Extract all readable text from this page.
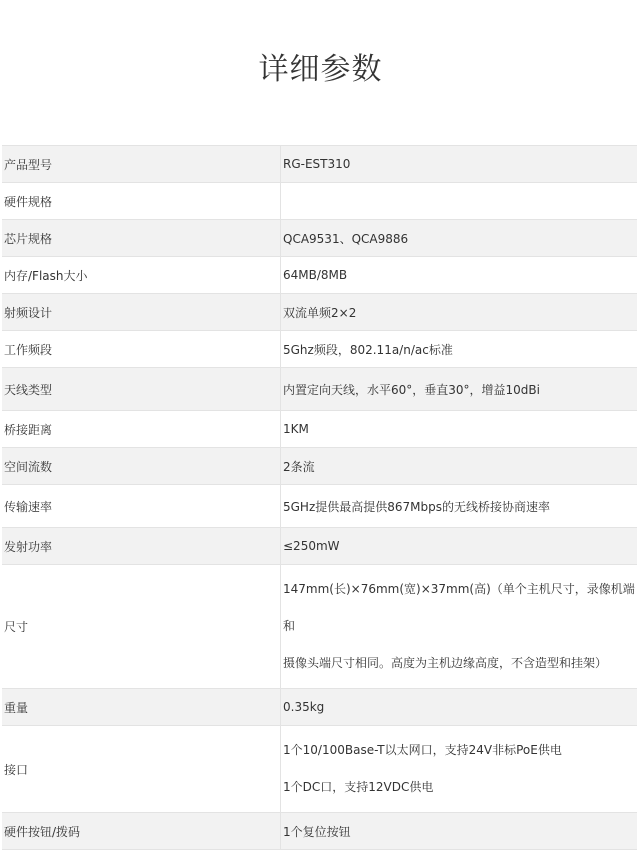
详细参数
产品型号	RG-EST310
硬件规格	
芯片规格	QCA9531、QCA9886
内存/Flash大小	64MB/8MB
射频设计	双流单频2×2
工作频段	5Ghz频段，802.11a/n/ac标准
天线类型	内置定向天线，水平60°，垂直30°，增益10dBi
桥接距离	1KM
空间流数	2条流
传输速率	5GHz提供最高提供867Mbps的无线桥接协商速率
发射功率	≤250mW
尺寸	147mm(长)×76mm(宽)×37mm(高)（单个主机尺寸，录像机端和
摄像头端尺寸相同。高度为主机边缘高度，不含造型和挂架）
重量	0.35kg
接口	1个10/100Base-T以太网口，支持24V非标PoE供电
1个DC口，支持12VDC供电
硬件按钮/拨码	1个复位按钮
